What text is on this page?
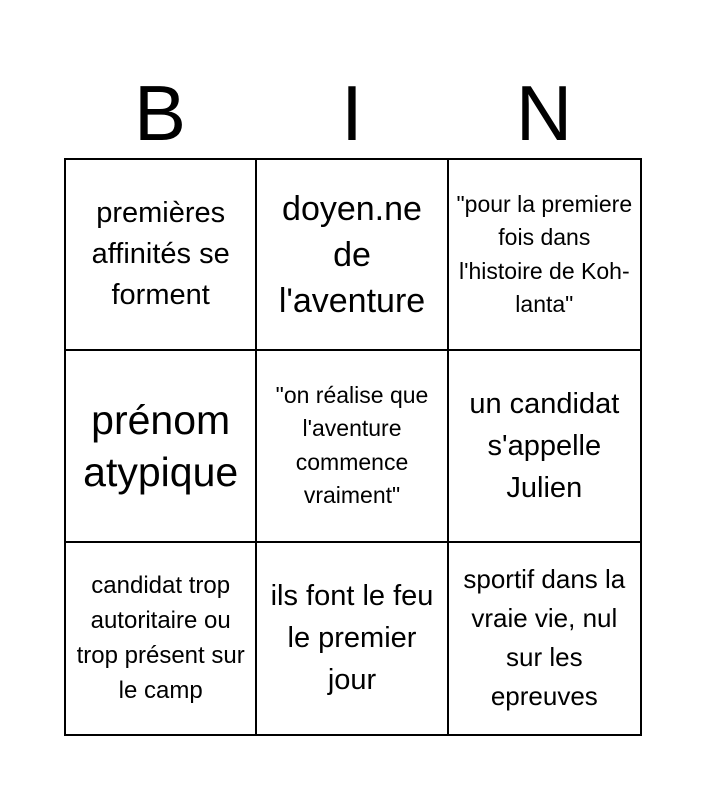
B	I	N
premières affinités se forment
doyen.ne de l'aventure
"pour la premiere fois dans l'histoire de Koh-lanta"
prénom atypique
"on réalise que l'aventure commence vraiment"
un candidat s'appelle Julien
candidat trop autoritaire ou trop présent sur le camp
ils font le feu le premier jour
sportif dans la vraie vie, nul sur les epreuves
